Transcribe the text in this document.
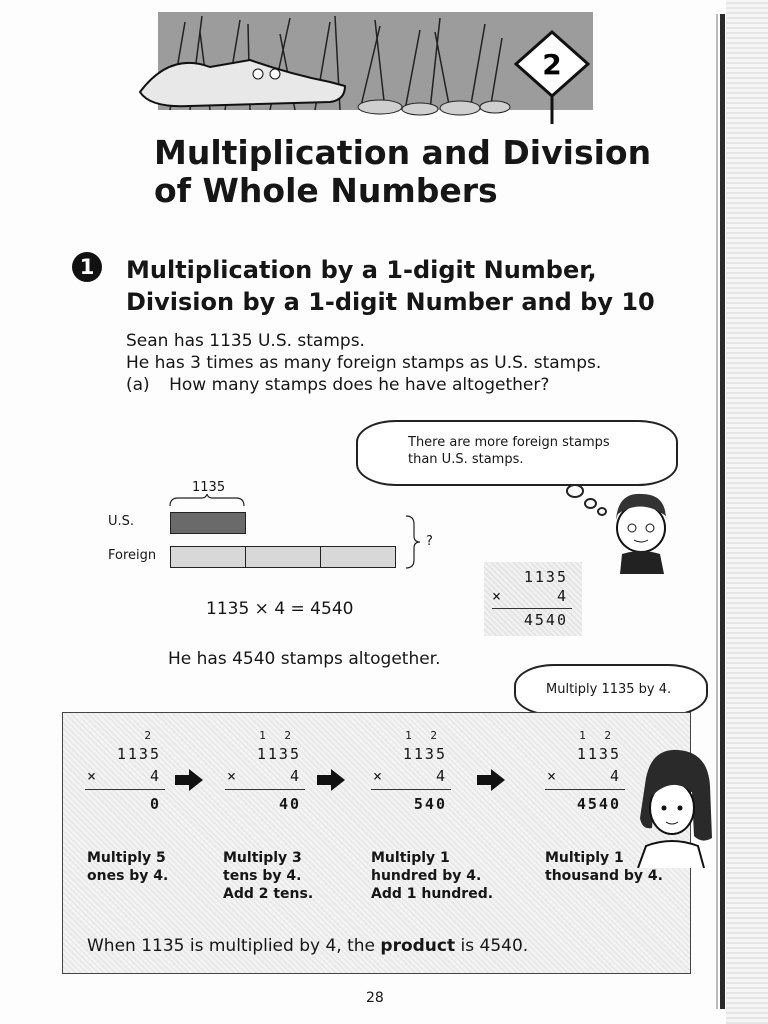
2
Multiplication and Division
of Whole Numbers
1	Multiplication by a 1-digit Number,
Division by a 1-digit Number and by 10
Sean has 1135 U.S. stamps.
He has 3 times as many foreign stamps as U.S. stamps.
(a) How many stamps does he have altogether?
There are more foreign stamps
than U.S. stamps.
1135
U.S.
Foreign
?
1135 × 4 = 4540
1135
×	4
4540
He has 4540 stamps altogether.
Multiply 1135 by 4.
2
1135
×	4
0
1 2
1135
×	4
40
1 2
1135
×	4
540
1 2
1135
×	4
4540
Multiply 5
ones by 4.
Multiply 3
tens by 4.
Add 2 tens.
Multiply 1
hundred by 4.
Add 1 hundred.
Multiply 1
thousand by 4.
When 1135 is multiplied by 4, the product is 4540.
28
